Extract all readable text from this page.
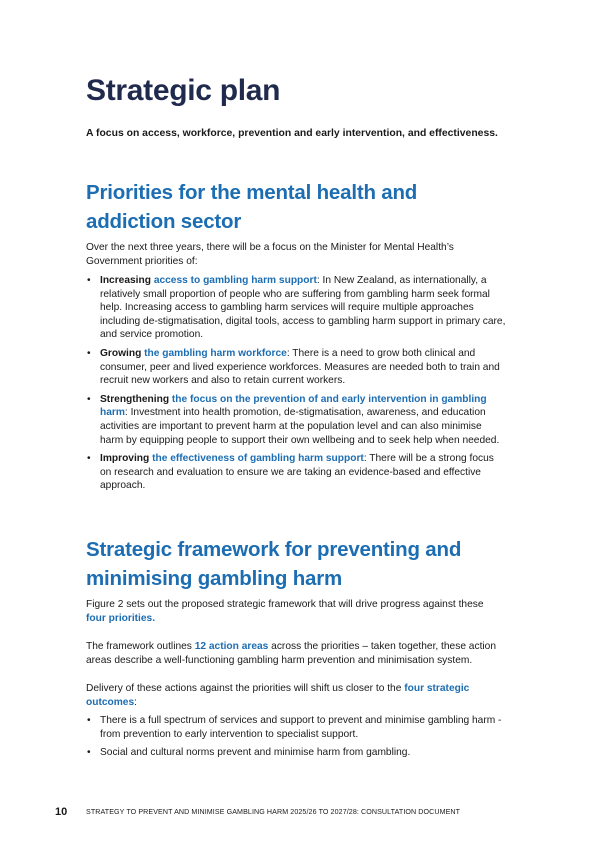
Strategic plan

A focus on access, workforce, prevention and early intervention, and effectiveness.

Priorities for the mental health and addiction sector

Over the next three years, there will be a focus on the Minister for Mental Health’s Government priorities of:

• Increasing access to gambling harm support: In New Zealand, as internationally, a relatively small proportion of people who are suffering from gambling harm seek formal help. Increasing access to gambling harm services will require multiple approaches including de-stigmatisation, digital tools, access to gambling harm support in primary care, and service promotion.
• Growing the gambling harm workforce: There is a need to grow both clinical and consumer, peer and lived experience workforces. Measures are needed both to train and recruit new workers and also to retain current workers.
• Strengthening the focus on the prevention of and early intervention in gambling harm: Investment into health promotion, de-stigmatisation, awareness, and education activities are important to prevent harm at the population level and can also minimise harm by equipping people to support their own wellbeing and to seek help when needed.
• Improving the effectiveness of gambling harm support: There will be a strong focus on research and evaluation to ensure we are taking an evidence-based and effective approach.
Strategic framework for preventing and minimising gambling harm

Figure 2 sets out the proposed strategic framework that will drive progress against these four priorities.

The framework outlines 12 action areas across the priorities – taken together, these action areas describe a well-functioning gambling harm prevention and minimisation system.

Delivery of these actions against the priorities will shift us closer to the four strategic outcomes:

• There is a full spectrum of services and support to prevent and minimise gambling harm - from prevention to early intervention to specialist support.
• Social and cultural norms prevent and minimise harm from gambling.
10	STRATEGY TO PREVENT AND MINIMISE GAMBLING HARM 2025/26 TO 2027/28: CONSULTATION DOCUMENT
